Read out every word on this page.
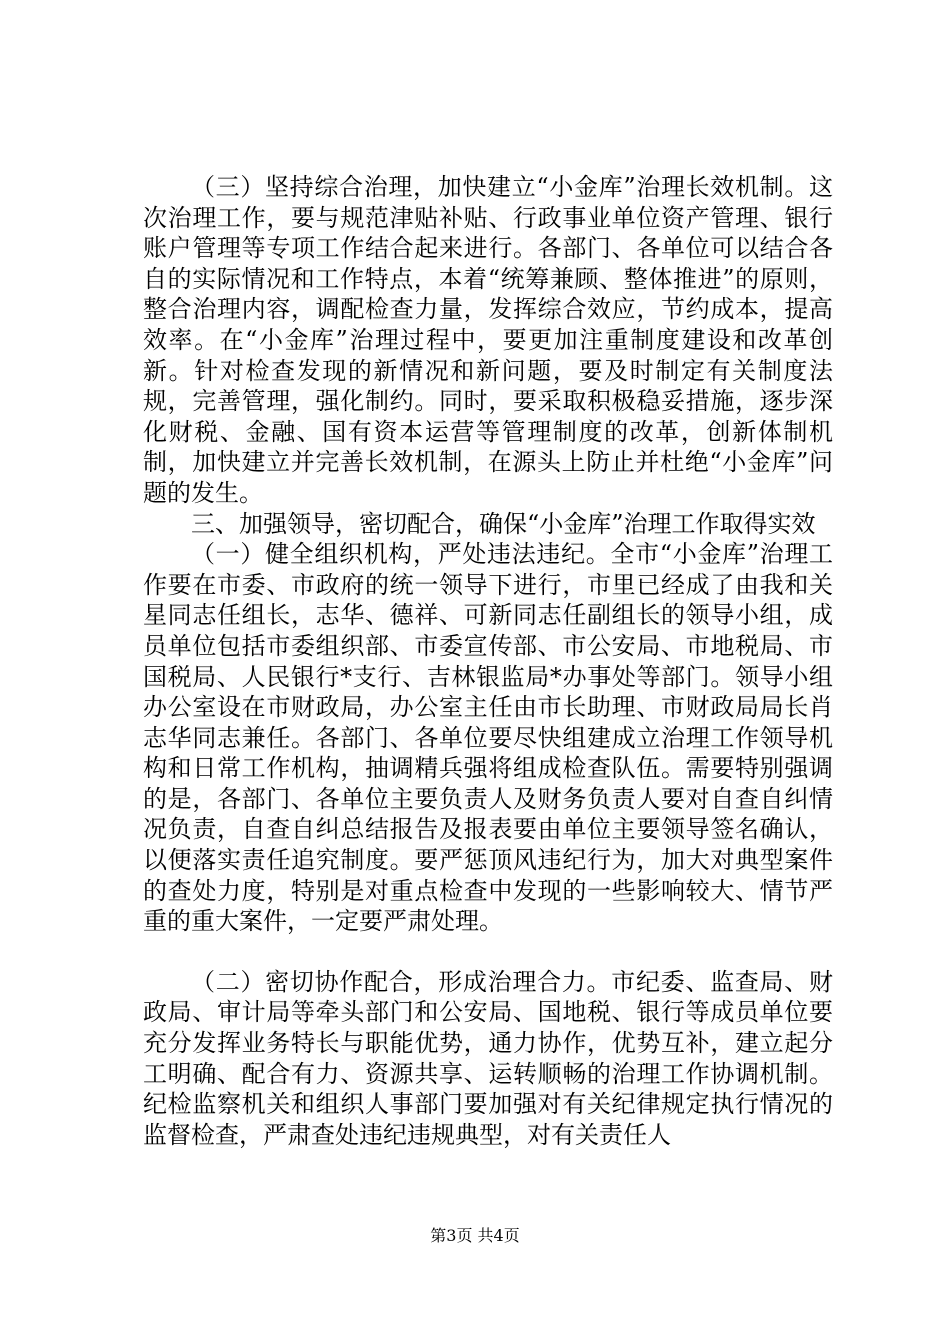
（三）坚持综合治理，加快建立“小金库”治理长效机制。这次治理工作，要与规范津贴补贴、行政事业单位资产管理、银行账户管理等专项工作结合起来进行。各部门、各单位可以结合各自的实际情况和工作特点，本着“统筹兼顾、整体推进”的原则，整合治理内容，调配检查力量，发挥综合效应，节约成本，提高效率。在“小金库”治理过程中，要更加注重制度建设和改革创新。针对检查发现的新情况和新问题，要及时制定有关制度法规，完善管理，强化制约。同时，要采取积极稳妥措施，逐步深化财税、金融、国有资本运营等管理制度的改革，创新体制机制，加快建立并完善长效机制，在源头上防止并杜绝“小金库”问题的发生。

三、加强领导，密切配合，确保“小金库”治理工作取得实效

（一）健全组织机构，严处违法违纪。全市“小金库”治理工作要在市委、市政府的统一领导下进行，市里已经成了由我和关星同志任组长，志华、德祥、可新同志任副组长的领导小组，成员单位包括市委组织部、市委宣传部、市公安局、市地税局、市国税局、人民银行*支行、吉林银监局*办事处等部门。领导小组办公室设在市财政局，办公室主任由市长助理、市财政局局长肖志华同志兼任。各部门、各单位要尽快组建成立治理工作领导机构和日常工作机构，抽调精兵强将组成检查队伍。需要特别强调的是，各部门、各单位主要负责人及财务负责人要对自查自纠情况负责，自查自纠总结报告及报表要由单位主要领导签名确认，以便落实责任追究制度。要严惩顶风违纪行为，加大对典型案件的查处力度，特别是对重点检查中发现的一些影响较大、情节严重的重大案件，一定要严肃处理。

（二）密切协作配合，形成治理合力。市纪委、监查局、财政局、审计局等牵头部门和公安局、国地税、银行等成员单位要充分发挥业务特长与职能优势，通力协作，优势互补，建立起分工明确、配合有力、资源共享、运转顺畅的治理工作协调机制。纪检监察机关和组织人事部门要加强对有关纪律规定执行情况的监督检查，严肃查处违纪违规典型，对有关责任人

第3页 共4页
